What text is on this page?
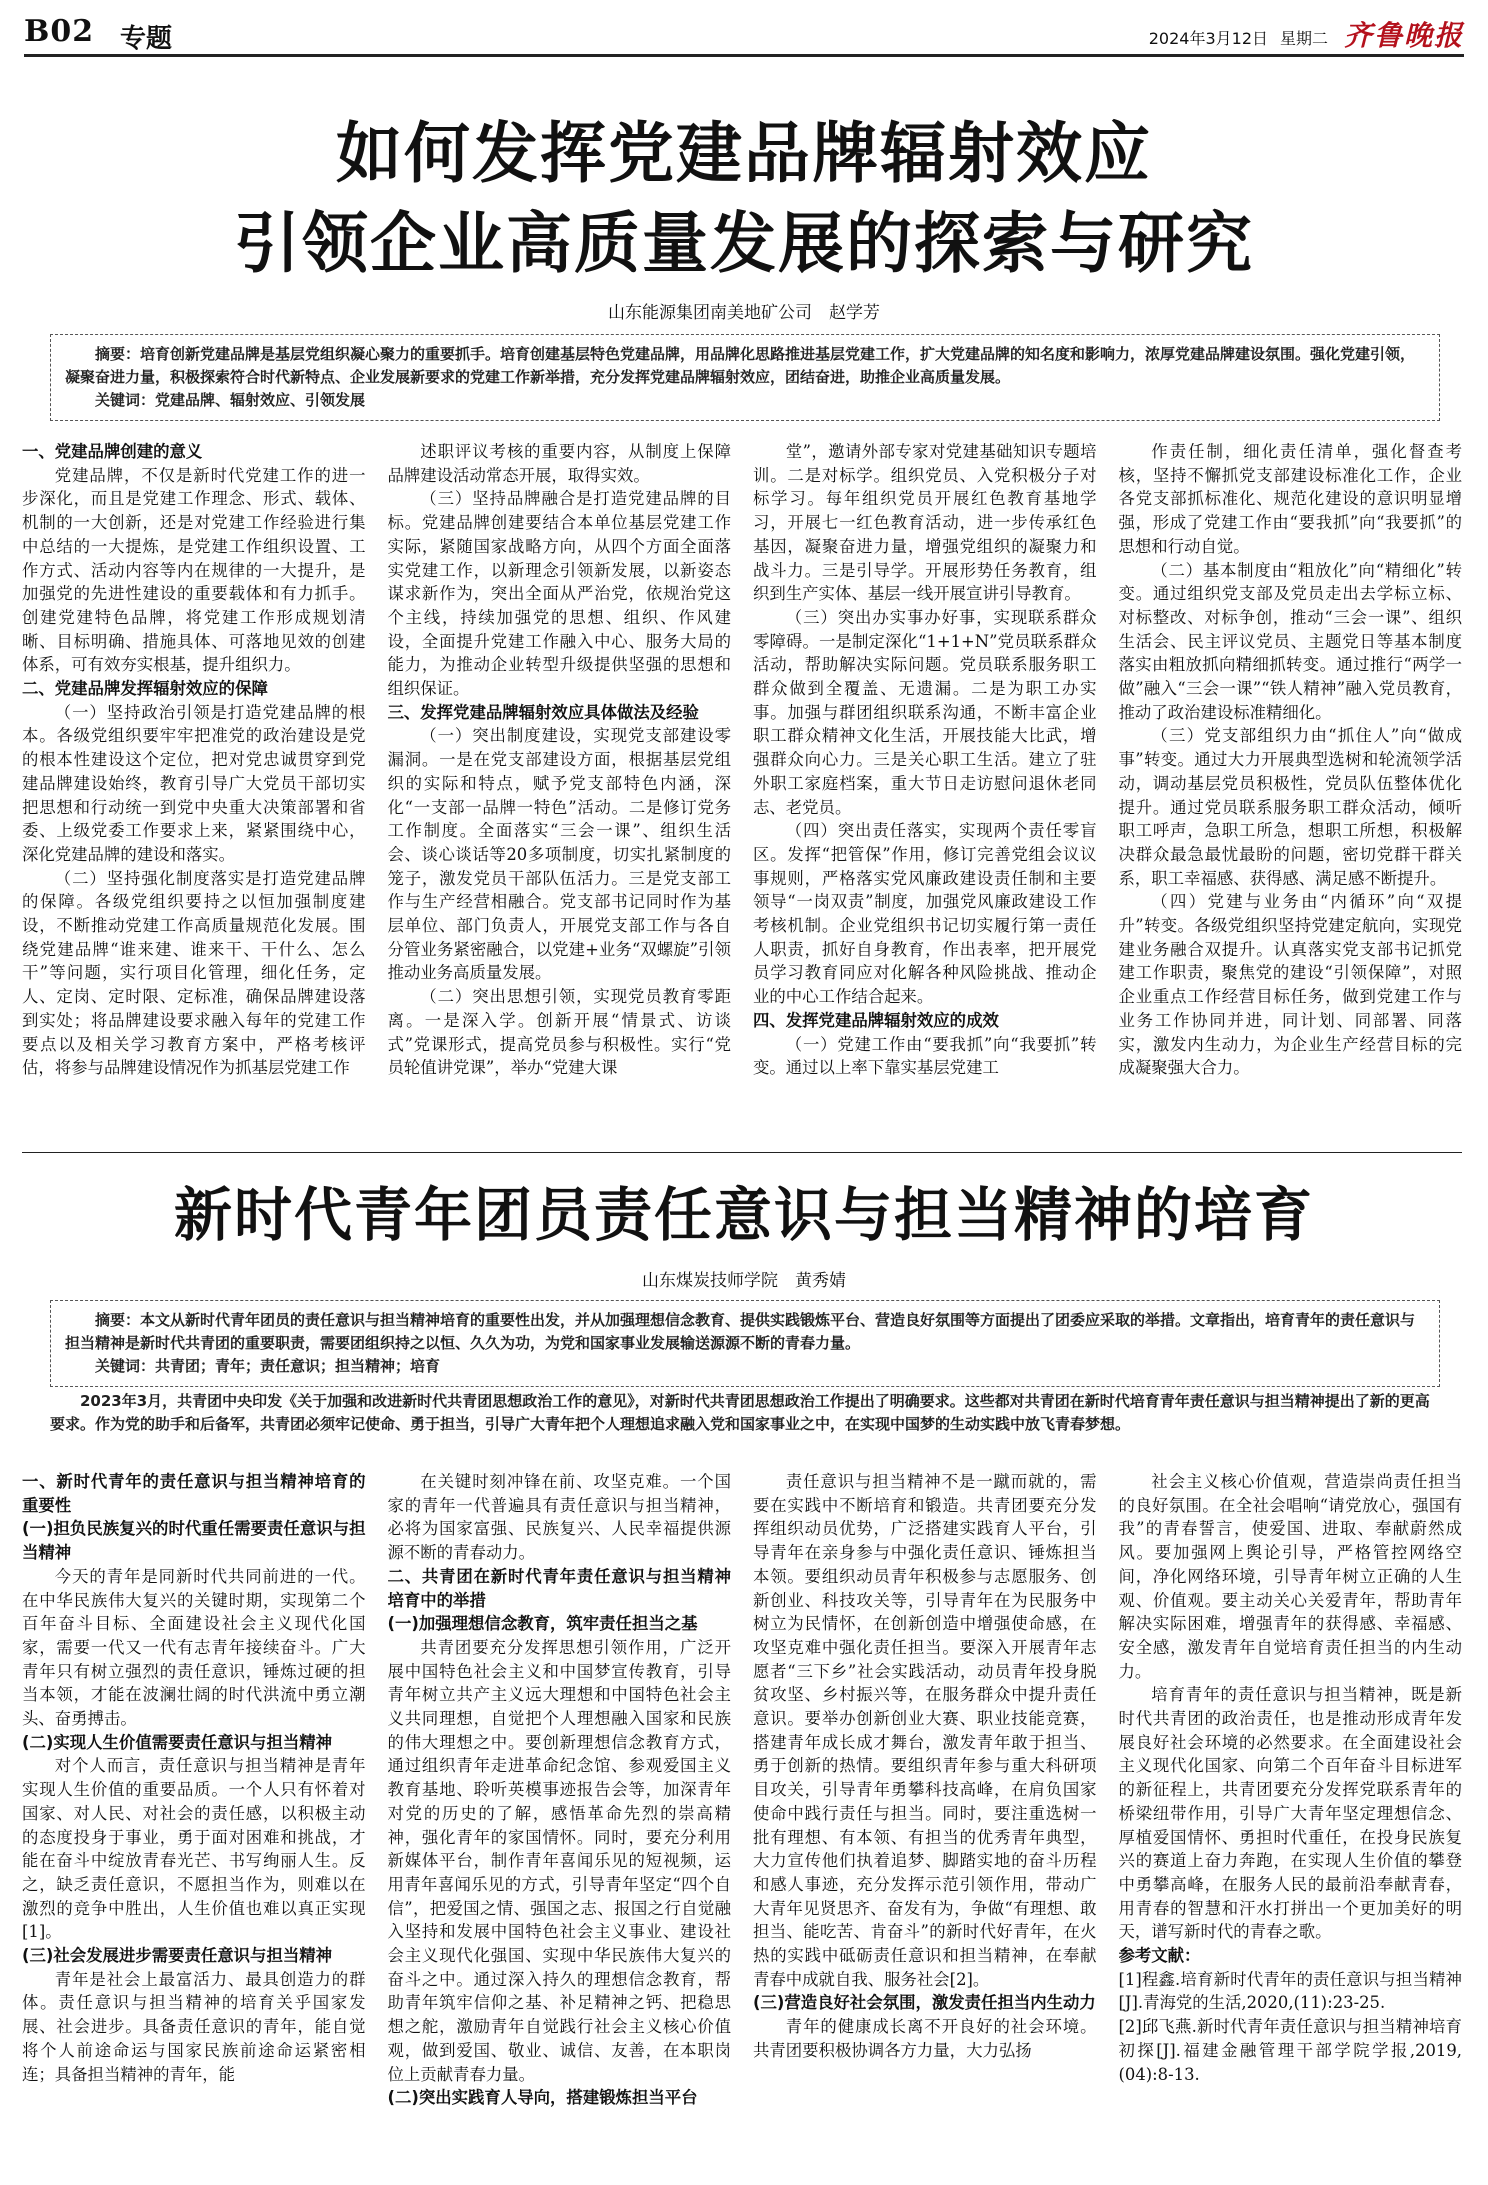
B02 专题	2024年3月12日 星期二 齐鲁晚报
如何发挥党建品牌辐射效应
引领企业高质量发展的探索与研究
山东能源集团南美地矿公司　赵学芳

摘要：培育创新党建品牌是基层党组织凝心聚力的重要抓手。培育创建基层特色党建品牌，用品牌化思路推进基层党建工作，扩大党建品牌的知名度和影响力，浓厚党建品牌建设氛围。强化党建引领，凝聚奋进力量，积极探索符合时代新特点、企业发展新要求的党建工作新举措，充分发挥党建品牌辐射效应，团结奋进，助推企业高质量发展。

关键词：党建品牌、辐射效应、引领发展

一、党建品牌创建的意义

党建品牌，不仅是新时代党建工作的进一步深化，而且是党建工作理念、形式、载体、机制的一大创新，还是对党建工作经验进行集中总结的一大提炼，是党建工作组织设置、工作方式、活动内容等内在规律的一大提升，是加强党的先进性建设的重要载体和有力抓手。创建党建特色品牌，将党建工作形成规划清晰、目标明确、措施具体、可落地见效的创建体系，可有效夯实根基，提升组织力。

二、党建品牌发挥辐射效应的保障

（一）坚持政治引领是打造党建品牌的根本。各级党组织要牢牢把准党的政治建设是党的根本性建设这个定位，把对党忠诚贯穿到党建品牌建设始终，教育引导广大党员干部切实把思想和行动统一到党中央重大决策部署和省委、上级党委工作要求上来，紧紧围绕中心，深化党建品牌的建设和落实。

（二）坚持强化制度落实是打造党建品牌的保障。各级党组织要持之以恒加强制度建设，不断推动党建工作高质量规范化发展。围绕党建品牌“谁来建、谁来干、干什么、怎么干”等问题，实行项目化管理，细化任务，定人、定岗、定时限、定标准，确保品牌建设落到实处；将品牌建设要求融入每年的党建工作要点以及相关学习教育方案中，严格考核评估，将参与品牌建设情况作为抓基层党建工作

述职评议考核的重要内容，从制度上保障品牌建设活动常态开展，取得实效。

（三）坚持品牌融合是打造党建品牌的目标。党建品牌创建要结合本单位基层党建工作实际，紧随国家战略方向，从四个方面全面落实党建工作，以新理念引领新发展，以新姿态谋求新作为，突出全面从严治党，依规治党这个主线，持续加强党的思想、组织、作风建设，全面提升党建工作融入中心、服务大局的能力，为推动企业转型升级提供坚强的思想和组织保证。

三、发挥党建品牌辐射效应具体做法及经验

（一）突出制度建设，实现党支部建设零漏洞。一是在党支部建设方面，根据基层党组织的实际和特点，赋予党支部特色内涵，深化“一支部一品牌一特色”活动。二是修订党务工作制度。全面落实“三会一课”、组织生活会、谈心谈话等20多项制度，切实扎紧制度的笼子，激发党员干部队伍活力。三是党支部工作与生产经营相融合。党支部书记同时作为基层单位、部门负责人，开展党支部工作与各自分管业务紧密融合，以党建+业务“双螺旋”引领推动业务高质量发展。

（二）突出思想引领，实现党员教育零距离。一是深入学。创新开展“情景式、访谈式”党课形式，提高党员参与积极性。实行“党员轮值讲党课”，举办“党建大课

堂”，邀请外部专家对党建基础知识专题培训。二是对标学。组织党员、入党积极分子对标学习。每年组织党员开展红色教育基地学习，开展七一红色教育活动，进一步传承红色基因，凝聚奋进力量，增强党组织的凝聚力和战斗力。三是引导学。开展形势任务教育，组织到生产实体、基层一线开展宣讲引导教育。

（三）突出办实事办好事，实现联系群众零障碍。一是制定深化“1+1+N”党员联系群众活动，帮助解决实际问题。党员联系服务职工群众做到全覆盖、无遗漏。二是为职工办实事。加强与群团组织联系沟通，不断丰富企业职工群众精神文化生活，开展技能大比武，增强群众向心力。三是关心职工生活。建立了驻外职工家庭档案，重大节日走访慰问退休老同志、老党员。

（四）突出责任落实，实现两个责任零盲区。发挥“把管保”作用，修订完善党组会议议事规则，严格落实党风廉政建设责任制和主要领导“一岗双责”制度，加强党风廉政建设工作考核机制。企业党组织书记切实履行第一责任人职责，抓好自身教育，作出表率，把开展党员学习教育同应对化解各种风险挑战、推动企业的中心工作结合起来。

四、发挥党建品牌辐射效应的成效

（一）党建工作由“要我抓”向“我要抓”转变。通过以上率下靠实基层党建工

作责任制，细化责任清单，强化督查考核，坚持不懈抓党支部建设标准化工作，企业各党支部抓标准化、规范化建设的意识明显增强，形成了党建工作由“要我抓”向“我要抓”的思想和行动自觉。

（二）基本制度由“粗放化”向“精细化”转变。通过组织党支部及党员走出去学标立标、对标整改、对标争创，推动“三会一课”、组织生活会、民主评议党员、主题党日等基本制度落实由粗放抓向精细抓转变。通过推行“两学一做”融入“三会一课”“铁人精神”融入党员教育，推动了政治建设标准精细化。

（三）党支部组织力由“抓住人”向“做成事”转变。通过大力开展典型选树和轮流领学活动，调动基层党员积极性，党员队伍整体优化提升。通过党员联系服务职工群众活动，倾听职工呼声，急职工所急，想职工所想，积极解决群众最急最忧最盼的问题，密切党群干群关系，职工幸福感、获得感、满足感不断提升。

（四）党建与业务由“内循环”向“双提升”转变。各级党组织坚持党建定航向，实现党建业务融合双提升。认真落实党支部书记抓党建工作职责，聚焦党的建设“引领保障”，对照企业重点工作经营目标任务，做到党建工作与业务工作协同并进，同计划、同部署、同落实，激发内生动力，为企业生产经营目标的完成凝聚强大合力。

新时代青年团员责任意识与担当精神的培育
山东煤炭技师学院　黄秀婧

摘要：本文从新时代青年团员的责任意识与担当精神培育的重要性出发，并从加强理想信念教育、提供实践锻炼平台、营造良好氛围等方面提出了团委应采取的举措。文章指出，培育青年的责任意识与担当精神是新时代共青团的重要职责，需要团组织持之以恒、久久为功，为党和国家事业发展输送源源不断的青春力量。

关键词：共青团；青年；责任意识；担当精神；培育

2023年3月，共青团中央印发《关于加强和改进新时代共青团思想政治工作的意见》，对新时代共青团思想政治工作提出了明确要求。这些都对共青团在新时代培育青年责任意识与担当精神提出了新的更高要求。作为党的助手和后备军，共青团必须牢记使命、勇于担当，引导广大青年把个人理想追求融入党和国家事业之中，在实现中国梦的生动实践中放飞青春梦想。

一、新时代青年的责任意识与担当精神培育的重要性
(一)担负民族复兴的时代重任需要责任意识与担当精神

今天的青年是同新时代共同前进的一代。在中华民族伟大复兴的关键时期，实现第二个百年奋斗目标、全面建设社会主义现代化国家，需要一代又一代有志青年接续奋斗。广大青年只有树立强烈的责任意识，锤炼过硬的担当本领，才能在波澜壮阔的时代洪流中勇立潮头、奋勇搏击。

(二)实现人生价值需要责任意识与担当精神

对个人而言，责任意识与担当精神是青年实现人生价值的重要品质。一个人只有怀着对国家、对人民、对社会的责任感，以积极主动的态度投身于事业，勇于面对困难和挑战，才能在奋斗中绽放青春光芒、书写绚丽人生。反之，缺乏责任意识，不愿担当作为，则难以在激烈的竞争中胜出，人生价值也难以真正实现[1]。

(三)社会发展进步需要责任意识与担当精神

青年是社会上最富活力、最具创造力的群体。责任意识与担当精神的培育关乎国家发展、社会进步。具备责任意识的青年，能自觉将个人前途命运与国家民族前途命运紧密相连；具备担当精神的青年，能

在关键时刻冲锋在前、攻坚克难。一个国家的青年一代普遍具有责任意识与担当精神，必将为国家富强、民族复兴、人民幸福提供源源不断的青春动力。

二、共青团在新时代青年责任意识与担当精神培育中的举措
(一)加强理想信念教育，筑牢责任担当之基

共青团要充分发挥思想引领作用，广泛开展中国特色社会主义和中国梦宣传教育，引导青年树立共产主义远大理想和中国特色社会主义共同理想，自觉把个人理想融入国家和民族的伟大理想之中。要创新理想信念教育方式，通过组织青年走进革命纪念馆、参观爱国主义教育基地、聆听英模事迹报告会等，加深青年对党的历史的了解，感悟革命先烈的崇高精神，强化青年的家国情怀。同时，要充分利用新媒体平台，制作青年喜闻乐见的短视频，运用青年喜闻乐见的方式，引导青年坚定“四个自信”，把爱国之情、强国之志、报国之行自觉融入坚持和发展中国特色社会主义事业、建设社会主义现代化强国、实现中华民族伟大复兴的奋斗之中。通过深入持久的理想信念教育，帮助青年筑牢信仰之基、补足精神之钙、把稳思想之舵，激励青年自觉践行社会主义核心价值观，做到爱国、敬业、诚信、友善，在本职岗位上贡献青春力量。

(二)突出实践育人导向，搭建锻炼担当平台

责任意识与担当精神不是一蹴而就的，需要在实践中不断培育和锻造。共青团要充分发挥组织动员优势，广泛搭建实践育人平台，引导青年在亲身参与中强化责任意识、锤炼担当本领。要组织动员青年积极参与志愿服务、创新创业、科技攻关等，引导青年在为民服务中树立为民情怀，在创新创造中增强使命感，在攻坚克难中强化责任担当。要深入开展青年志愿者“三下乡”社会实践活动，动员青年投身脱贫攻坚、乡村振兴等，在服务群众中提升责任意识。要举办创新创业大赛、职业技能竞赛，搭建青年成长成才舞台，激发青年敢于担当、勇于创新的热情。要组织青年参与重大科研项目攻关，引导青年勇攀科技高峰，在肩负国家使命中践行责任与担当。同时，要注重选树一批有理想、有本领、有担当的优秀青年典型，大力宣传他们执着追梦、脚踏实地的奋斗历程和感人事迹，充分发挥示范引领作用，带动广大青年见贤思齐、奋发有为，争做“有理想、敢担当、能吃苦、肯奋斗”的新时代好青年，在火热的实践中砥砺责任意识和担当精神，在奉献青春中成就自我、服务社会[2]。

(三)营造良好社会氛围，激发责任担当内生动力

青年的健康成长离不开良好的社会环境。共青团要积极协调各方力量，大力弘扬

社会主义核心价值观，营造崇尚责任担当的良好氛围。在全社会唱响“请党放心，强国有我”的青春誓言，使爱国、进取、奉献蔚然成风。要加强网上舆论引导，严格管控网络空间，净化网络环境，引导青年树立正确的人生观、价值观。要主动关心关爱青年，帮助青年解决实际困难，增强青年的获得感、幸福感、安全感，激发青年自觉培育责任担当的内生动力。

培育青年的责任意识与担当精神，既是新时代共青团的政治责任，也是推动形成青年发展良好社会环境的必然要求。在全面建设社会主义现代化国家、向第二个百年奋斗目标进军的新征程上，共青团要充分发挥党联系青年的桥梁纽带作用，引导广大青年坚定理想信念、厚植爱国情怀、勇担时代重任，在投身民族复兴的赛道上奋力奔跑，在实现人生价值的攀登中勇攀高峰，在服务人民的最前沿奉献青春，用青春的智慧和汗水打拼出一个更加美好的明天，谱写新时代的青春之歌。

参考文献：

[1]程鑫.培育新时代青年的责任意识与担当精神[J].青海党的生活,2020,(11):23-25.

[2]邱飞燕.新时代青年责任意识与担当精神培育初探[J].福建金融管理干部学院学报,2019,(04):8-13.
